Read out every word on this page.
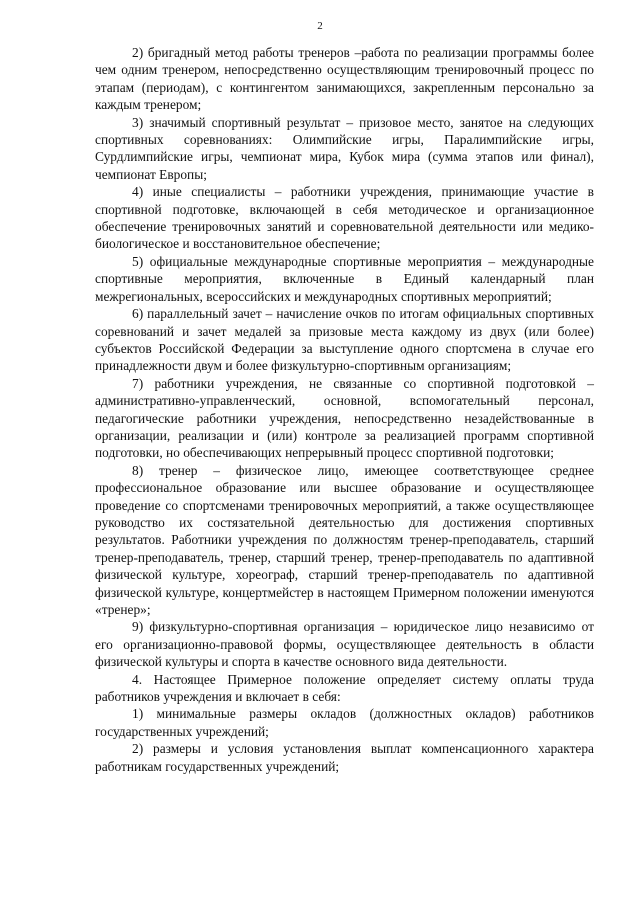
2

2) бригадный метод работы тренеров –работа по реализации программы более чем одним тренером, непосредственно осуществляющим тренировочный процесс по этапам (периодам), с контингентом занимающихся, закрепленным персонально за каждым тренером;

3) значимый спортивный результат – призовое место, занятое на следующих спортивных соревнованиях: Олимпийские игры, Паралимпийские игры, Сурдлимпийские игры, чемпионат мира, Кубок мира (сумма этапов или финал), чемпионат Европы;

4) иные специалисты – работники учреждения, принимающие участие в спортивной подготовке, включающей в себя методическое и организационное обеспечение тренировочных занятий и соревновательной деятельности или медико-биологическое и восстановительное обеспечение;

5) официальные международные спортивные мероприятия – международные спортивные мероприятия, включенные в Единый календарный план межрегиональных, всероссийских и международных спортивных мероприятий;

6) параллельный зачет – начисление очков по итогам официальных спортивных соревнований и зачет медалей за призовые места каждому из двух (или более) субъектов Российской Федерации за выступление одного спортсмена в случае его принадлежности двум и более физкультурно-спортивным организациям;

7) работники учреждения, не связанные со спортивной подготовкой – административно-управленческий, основной, вспомогательный персонал, педагогические работники учреждения, непосредственно незадействованные в организации, реализации и (или) контроле за реализацией программ спортивной подготовки, но обеспечивающих непрерывный процесс спортивной подготовки;

8) тренер – физическое лицо, имеющее соответствующее среднее профессиональное образование или высшее образование и осуществляющее проведение со спортсменами тренировочных мероприятий, а также осуществляющее руководство их состязательной деятельностью для достижения спортивных результатов. Работники учреждения по должностям тренер-преподаватель, старший тренер-преподаватель, тренер, старший тренер, тренер-преподаватель по адаптивной физической культуре, хореограф, старший тренер-преподаватель по адаптивной физической культуре, концертмейстер в настоящем Примерном положении именуются «тренер»;

9) физкультурно-спортивная организация – юридическое лицо независимо от его организационно-правовой формы, осуществляющее деятельность в области физической культуры и спорта в качестве основного вида деятельности.

4. Настоящее Примерное положение определяет систему оплаты труда работников учреждения и включает в себя:

1) минимальные размеры окладов (должностных окладов) работников государственных учреждений;

2) размеры и условия установления выплат компенсационного характера работникам государственных учреждений;
